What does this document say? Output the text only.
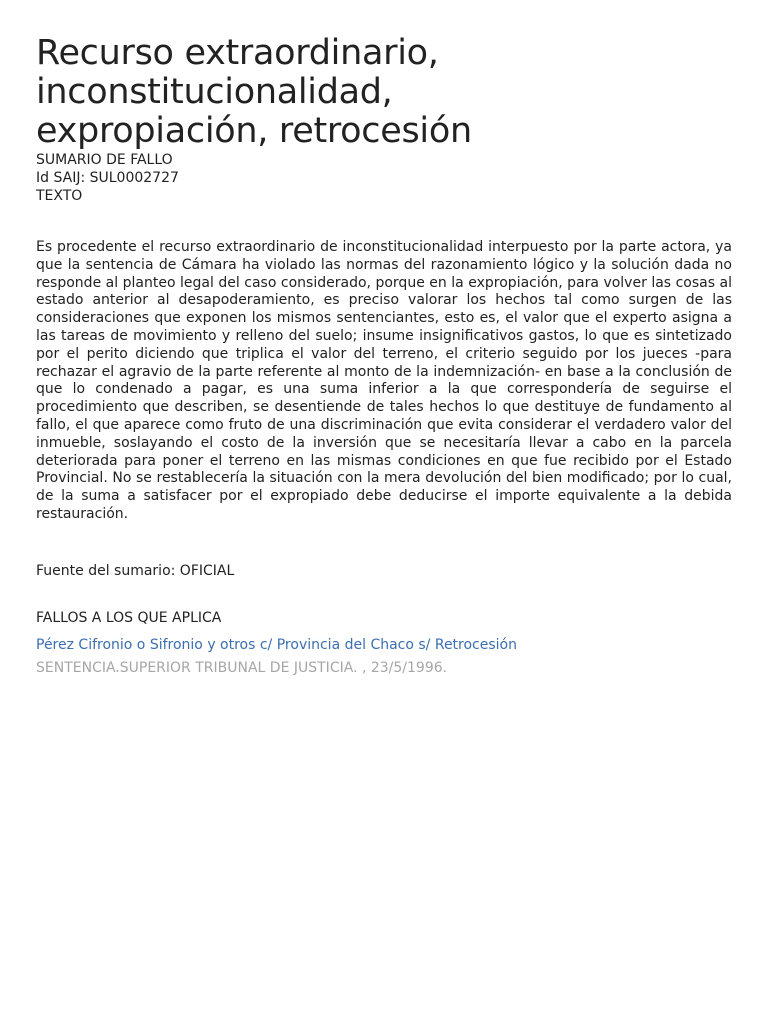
Recurso extraordinario,
inconstitucionalidad,
expropiación, retrocesión
SUMARIO DE FALLO
Id SAIJ: SUL0002727
TEXTO

Es procedente el recurso extraordinario de inconstitucionalidad interpuesto por la parte actora, ya que la sentencia de Cámara ha violado las normas del razonamiento lógico y la solución dada no responde al planteo legal del caso considerado, porque en la expropiación, para volver las cosas al estado anterior al desapoderamiento, es preciso valorar los hechos tal como surgen de las consideraciones que exponen los mismos sentenciantes, esto es, el valor que el experto asigna a las tareas de movimiento y relleno del suelo; insume insignificativos gastos, lo que es sintetizado por el perito diciendo que triplica el valor del terreno, el criterio seguido por los jueces -para rechazar el agravio de la parte referente al monto de la indemnización- en base a la conclusión de que lo condenado a pagar, es una suma inferior a la que correspondería de seguirse el procedimiento que describen, se desentiende de tales hechos lo que destituye de fundamento al fallo, el que aparece como fruto de una discriminación que evita considerar el verdadero valor del inmueble, soslayando el costo de la inversión que se necesitaría llevar a cabo en la parcela deteriorada para poner el terreno en las mismas condiciones en que fue recibido por el Estado Provincial. No se restablecería la situación con la mera devolución del bien modificado; por lo cual, de la suma a satisfacer por el expropiado debe deducirse el importe equivalente a la debida restauración.

Fuente del sumario: OFICIAL
FALLOS A LOS QUE APLICA
Pérez Cifronio o Sifronio y otros c/ Provincia del Chaco s/ Retrocesión
SENTENCIA.SUPERIOR TRIBUNAL DE JUSTICIA. , 23/5/1996.
